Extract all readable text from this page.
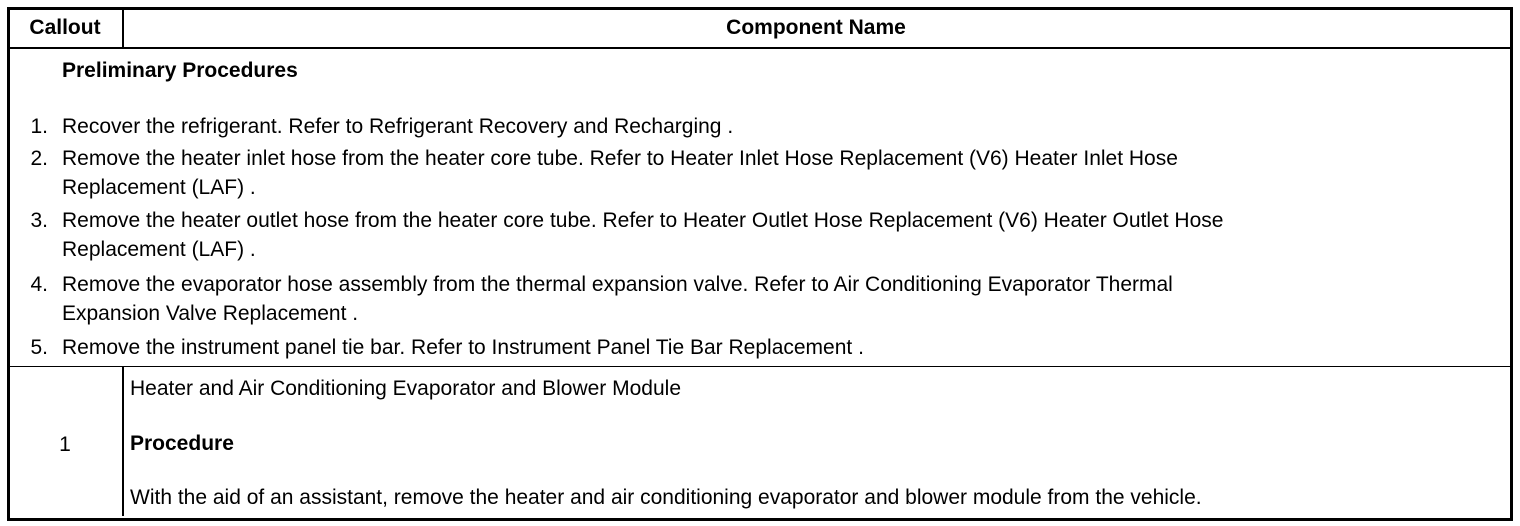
Callout	Component Name
Preliminary Procedures
1. Recover the refrigerant. Refer to Refrigerant Recovery and Recharging .
2. Remove the heater inlet hose from the heater core tube. Refer to Heater Inlet Hose Replacement (V6) Heater Inlet Hose
Replacement (LAF) .
3. Remove the heater outlet hose from the heater core tube. Refer to Heater Outlet Hose Replacement (V6) Heater Outlet Hose
Replacement (LAF) .
4. Remove the evaporator hose assembly from the thermal expansion valve. Refer to Air Conditioning Evaporator Thermal
Expansion Valve Replacement .
5. Remove the instrument panel tie bar. Refer to Instrument Panel Tie Bar Replacement .
1
Heater and Air Conditioning Evaporator and Blower Module
Procedure
With the aid of an assistant, remove the heater and air conditioning evaporator and blower module from the vehicle.
